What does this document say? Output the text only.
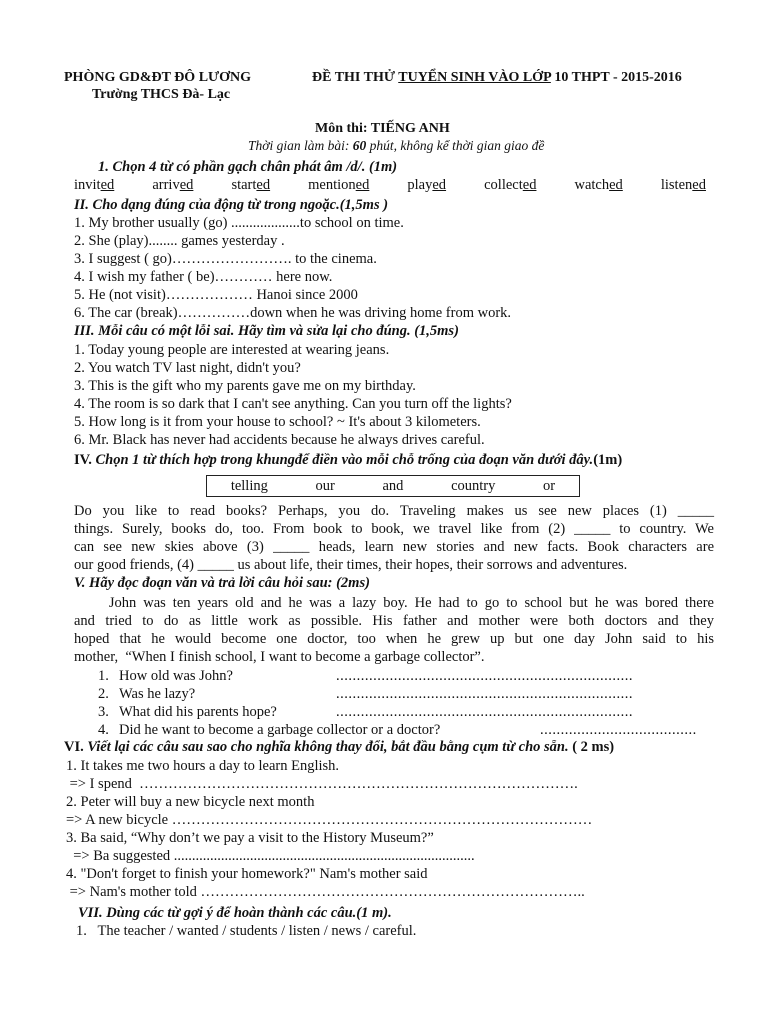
PHÒNG GD&ĐT ĐÔ LƯƠNG
Trường THCS Đà- Lạc
ĐỀ THI THỬ TUYỂN SINH VÀO LỚP 10 THPT - 2015-2016
Môn thi: TIẾNG ANH
Thời gian làm bài: 60 phút, không kể thời gian giao đề
1. Chọn 4 từ có phần gạch chân phát âm /d/. (1m)
invited	arrived	started	mentioned	played	collected	watched	listened
II. Cho dạng đúng của động từ trong ngoặc.(1,5ms )
1. My brother usually (go) ...................to school on time.
2. She (play)........ games yesterday .
3. I suggest ( go)……………………. to the cinema.
4. I wish my father ( be)………… here now.
5. He (not visit)……………… Hanoi since 2000
6. The car (break)……………down when he was driving home from work.
III. Mỗi câu có một lỗi sai. Hãy tìm và sửa lại cho đúng. (1,5ms)
1. Today young people are interested at wearing jeans.
2. You watch TV last night, didn't you?
3. This is the gift who my parents gave me on my birthday.
4. The room is so dark that I can't see anything. Can you turn off the lights?
5. How long is it from your house to school? ~ It's about 3 kilometers.
6. Mr. Black has never had accidents because he always drives careful.
IV. Chọn 1 từ thích hợp trong khungđể điền vào mỗi chỗ trống của đoạn văn dưới đây.(1m)
telling	our	and	country	or
Do you like to read books? Perhaps, you do. Traveling makes us see new places (1) _____
things. Surely, books do, too. From book to book, we travel like from (2) _____ to country. We
can see new skies above (3) _____ heads, learn new stories and new facts. Book characters are
our good friends, (4) _____ us about life, their times, their hopes, their sorrows and adventures.
V. Hãy đọc đoạn văn và trả lời câu hỏi sau: (2ms)
John was ten years old and he was a lazy boy. He had to go to school but he was bored there
and tried to do as little work as possible. His father and mother were both doctors and they
hoped that he would become one doctor, too when he grew up but one day John said to his
mother,  “When I finish school, I want to become a garbage collector”.
1. How old was John?	........................................................................
2. Was he lazy?	........................................................................
3. What did his parents hope?	........................................................................
4. Did he want to become a garbage collector or a doctor?	......................................
VI. Viết lại các câu sau sao cho nghĩa không thay đổi, bắt đầu bằng cụm từ cho sẵn. ( 2 ms)
1. It takes me two hours a day to learn English.
=> I spend  ……………………………………………………………………………….
2. Peter will buy a new bicycle next month
=> A new bicycle ……………………………………………………………………………
3. Ba said, “Why don’t we pay a visit to the History Museum?”
=> Ba suggested ...................................................................................
4. "Don't forget to finish your homework?" Nam's mother said
=> Nam's mother told ……………………………………………………………………..
VII. Dùng các từ gợi ý để hoàn thành các câu.(1 m).
1.   The teacher / wanted / students / listen / news / careful.
